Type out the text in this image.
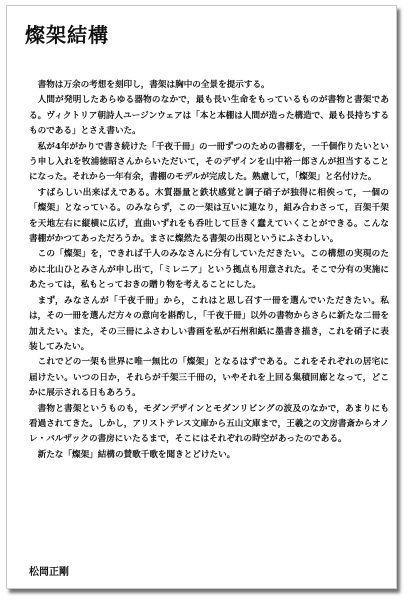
燦架結構

書物は万余の考想を刻印し，書架は胸中の全景を提示する。

人間が発明したあらゆる器物のなかで，最も長い生命をもっているものが書物と書架である。ヴィクトリア朝詩人ユージンウェアは「本と本棚は人間が造った構造で、最も長持ちするものである」とさえ書いた。

私が4年がかりで書き続けた「千夜千冊」の一冊ずつのための書棚を，一千個作りたいという申し入れを牧浦徳昭さんからいただいて，そのデザインを山中裕一郎さんが担当することになった。それから一年有余，書棚のモデルが完成した。熟慮して，「燦架」と名付けた。

すばらしい出来ばえである。木質器量と鉄状感覚と調子硝子が独得に相俟って，一個の「燦架」となっている。のみならず，この一架は互いに連なり，組み合わさって，百架千架を天地左右に縦横に広げ，直曲いずれをも呑吐して巨きく蠢えていくことができる。こんな書棚がかつてあっただろうか。まさに燦然たる書架の出現というにふさわしい。

この「燦架」を，できれば千人のみなさんに分有していただきたい。この構想の実現のために北山ひとみさんが申し出て，「ミレニア」という拠点も用意された。そこで分有の実施にあたっては，私もとっておきの贈り物を考えることにした。

まず，みなさんが「千夜千冊」から，これはと思し召す一冊を選んでいただきたい。私は，その一冊を選んだ方々の意向を斟酌し，「千夜千冊」以外の書物からさらに新たな二冊を加えたい。また，その三冊にふさわしい書画を私が石州和紙に墨書き描き，これを硝子に表装してみたい。

これでどの一架も世界に唯一無比の「燦架」となるはずである。これをそれぞれの居宅に届けたい。いつの日か，それらが千架三千冊の，いやそれを上回る集積回廊となって，どこかに展示される日もあろう。

書物と書架というものも，モダンデザインとモダンリビングの波及のなかで，あまりにも看過されてきた。しかし，アリストテレス文庫から五山文庫まで，王羲之の文房書斎からオノレ・バルザックの書房にいたるまで，そこにはそれぞれの時空があったのである。

新たな「燦架」結構の賛歌千歌を聞きとどけたい。

松岡正剛
